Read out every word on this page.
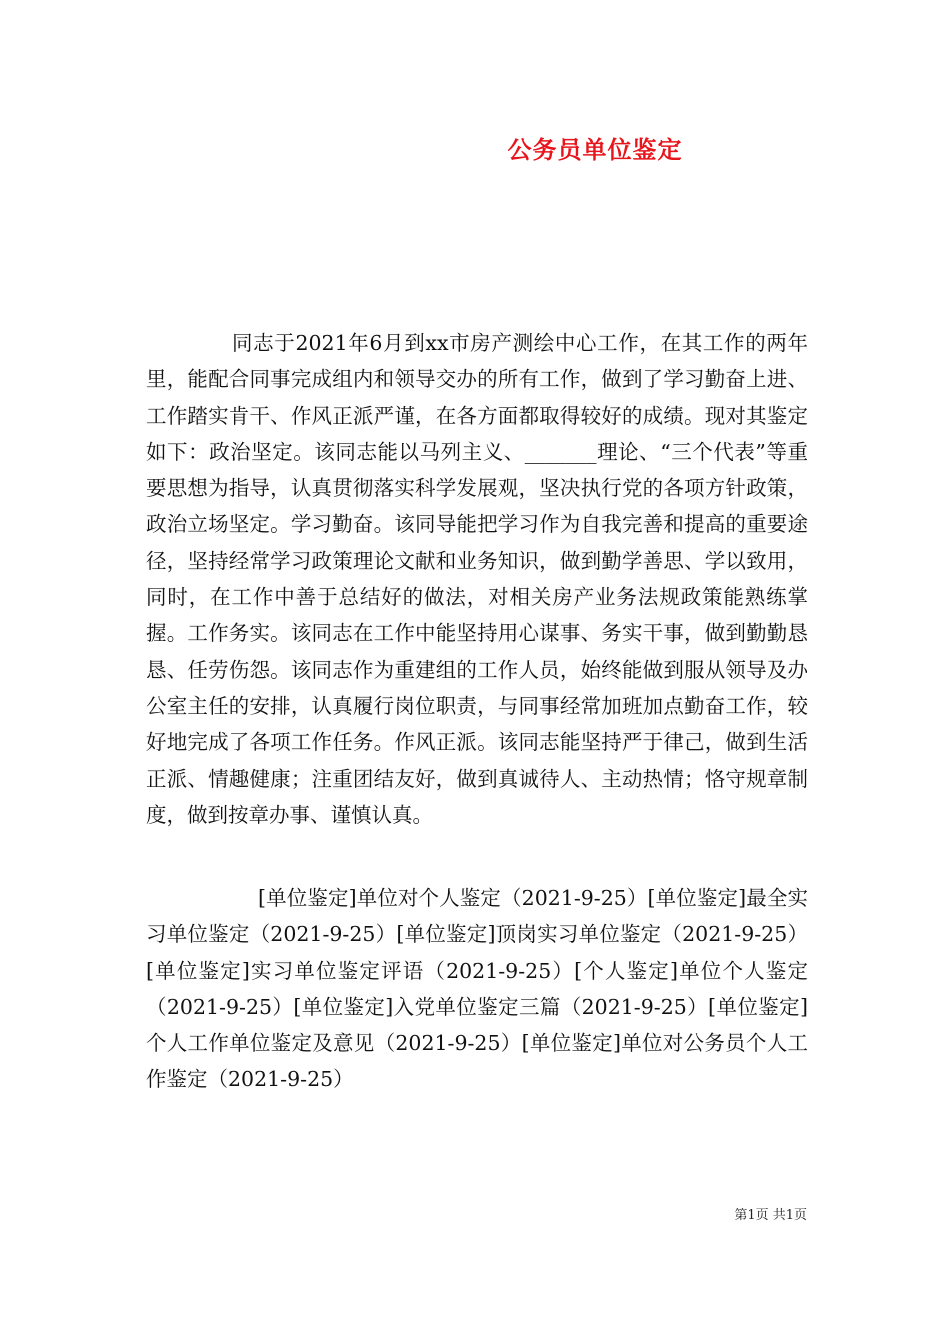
公务员单位鉴定
同志于2021年6月到xx市房产测绘中心工作，在其工作的两年里，能配合同事完成组内和领导交办的所有工作，做到了学习勤奋上进、工作踏实肯干、作风正派严谨，在各方面都取得较好的成绩。现对其鉴定如下：政治坚定。该同志能以马列主义、_______理论、“三个代表”等重要思想为指导，认真贯彻落实科学发展观，坚决执行党的各项方针政策，政治立场坚定。学习勤奋。该同导能把学习作为自我完善和提高的重要途径，坚持经常学习政策理论文献和业务知识，做到勤学善思、学以致用，同时，在工作中善于总结好的做法，对相关房产业务法规政策能熟练掌握。工作务实。该同志在工作中能坚持用心谋事、务实干事，做到勤勤恳恳、任劳伤怨。该同志作为重建组的工作人员，始终能做到服从领导及办公室主任的安排，认真履行岗位职责，与同事经常加班加点勤奋工作，较好地完成了各项工作任务。作风正派。该同志能坚持严于律己，做到生活正派、情趣健康；注重团结友好，做到真诚待人、主动热情；恪守规章制度，做到按章办事、谨慎认真。
[单位鉴定]单位对个人鉴定（2021-9-25）[单位鉴定]最全实习单位鉴定（2021-9-25）[单位鉴定]顶岗实习单位鉴定（2021-9-25）[单位鉴定]实习单位鉴定评语（2021-9-25）[个人鉴定]单位个人鉴定（2021-9-25）[单位鉴定]入党单位鉴定三篇（2021-9-25）[单位鉴定]个人工作单位鉴定及意见（2021-9-25）[单位鉴定]单位对公务员个人工作鉴定（2021-9-25）
第1页 共1页
